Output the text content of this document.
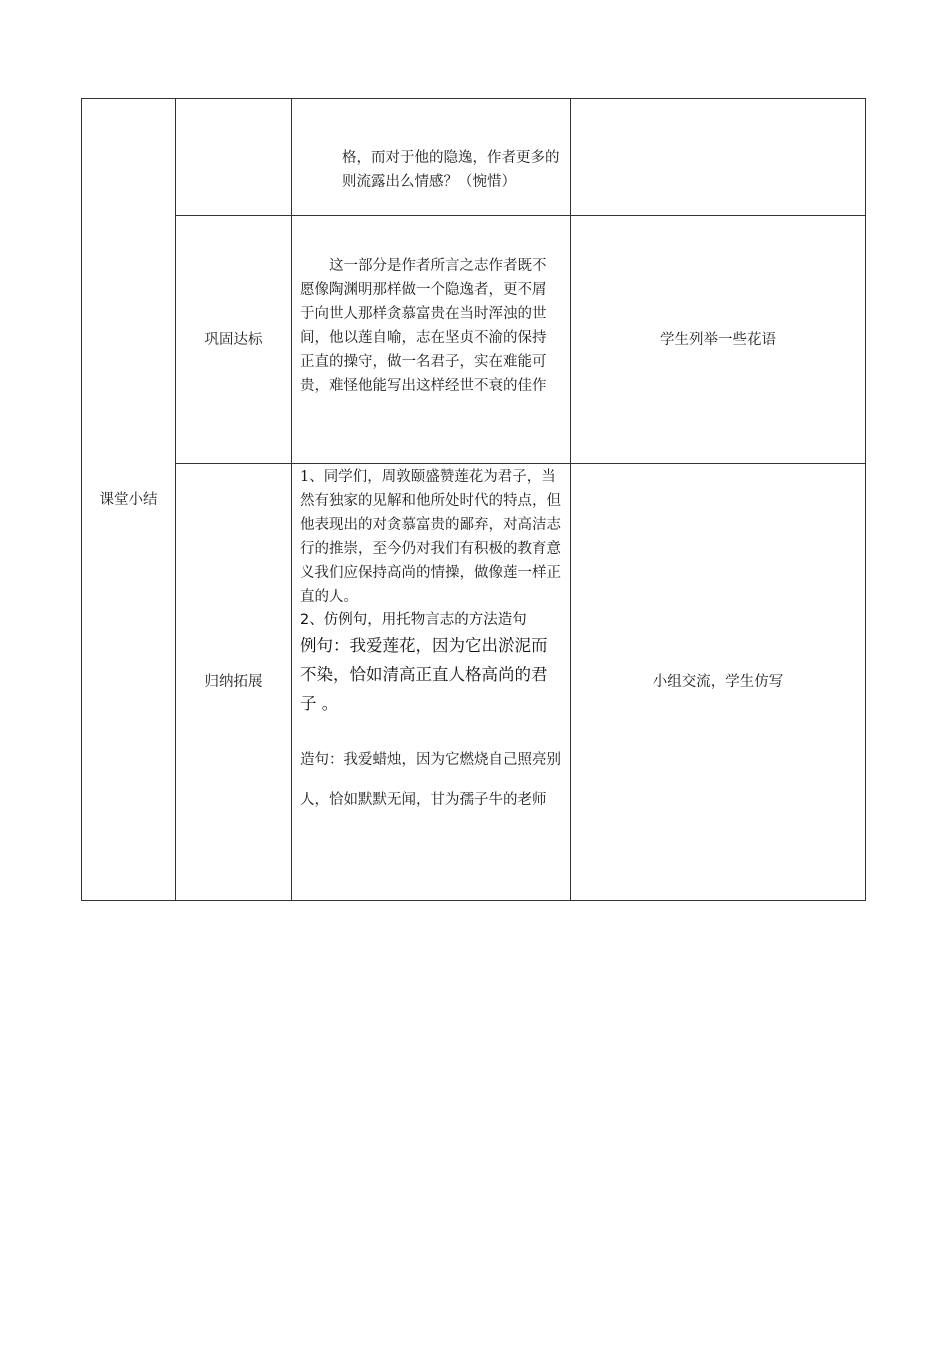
课堂小结		格，而对于他的隐逸，作者更多的则流露出么情感？（惋惜）	

	巩固达标	这一部分是作者所言之志作者既不愿像陶渊明那样做一个隐逸者，更不屑于向世人那样贪慕富贵在当时浑浊的世间，他以莲自喻，志在坚贞不渝的保持正直的操守，做一名君子，实在难能可贵，难怪他能写出这样经世不衰的佳作	学生列举一些花语
	归纳拓展	1、同学们，周敦颐盛赞莲花为君子，当然有独家的见解和他所处时代的特点，但他表现出的对贪慕富贵的鄙弃，对高洁志行的推崇，至今仍对我们有积极的教育意义我们应保持高尚的情操，做像莲一样正直的人。

2、仿例句，用托物言志的方法造句

例句：我爱莲花，因为它出淤泥而不染，恰如清高正直人格高尚的君子 。

造句：我爱蜡烛，因为它燃烧自己照亮别人，恰如默默无闻，甘为孺子牛的老师	小组交流，学生仿写
